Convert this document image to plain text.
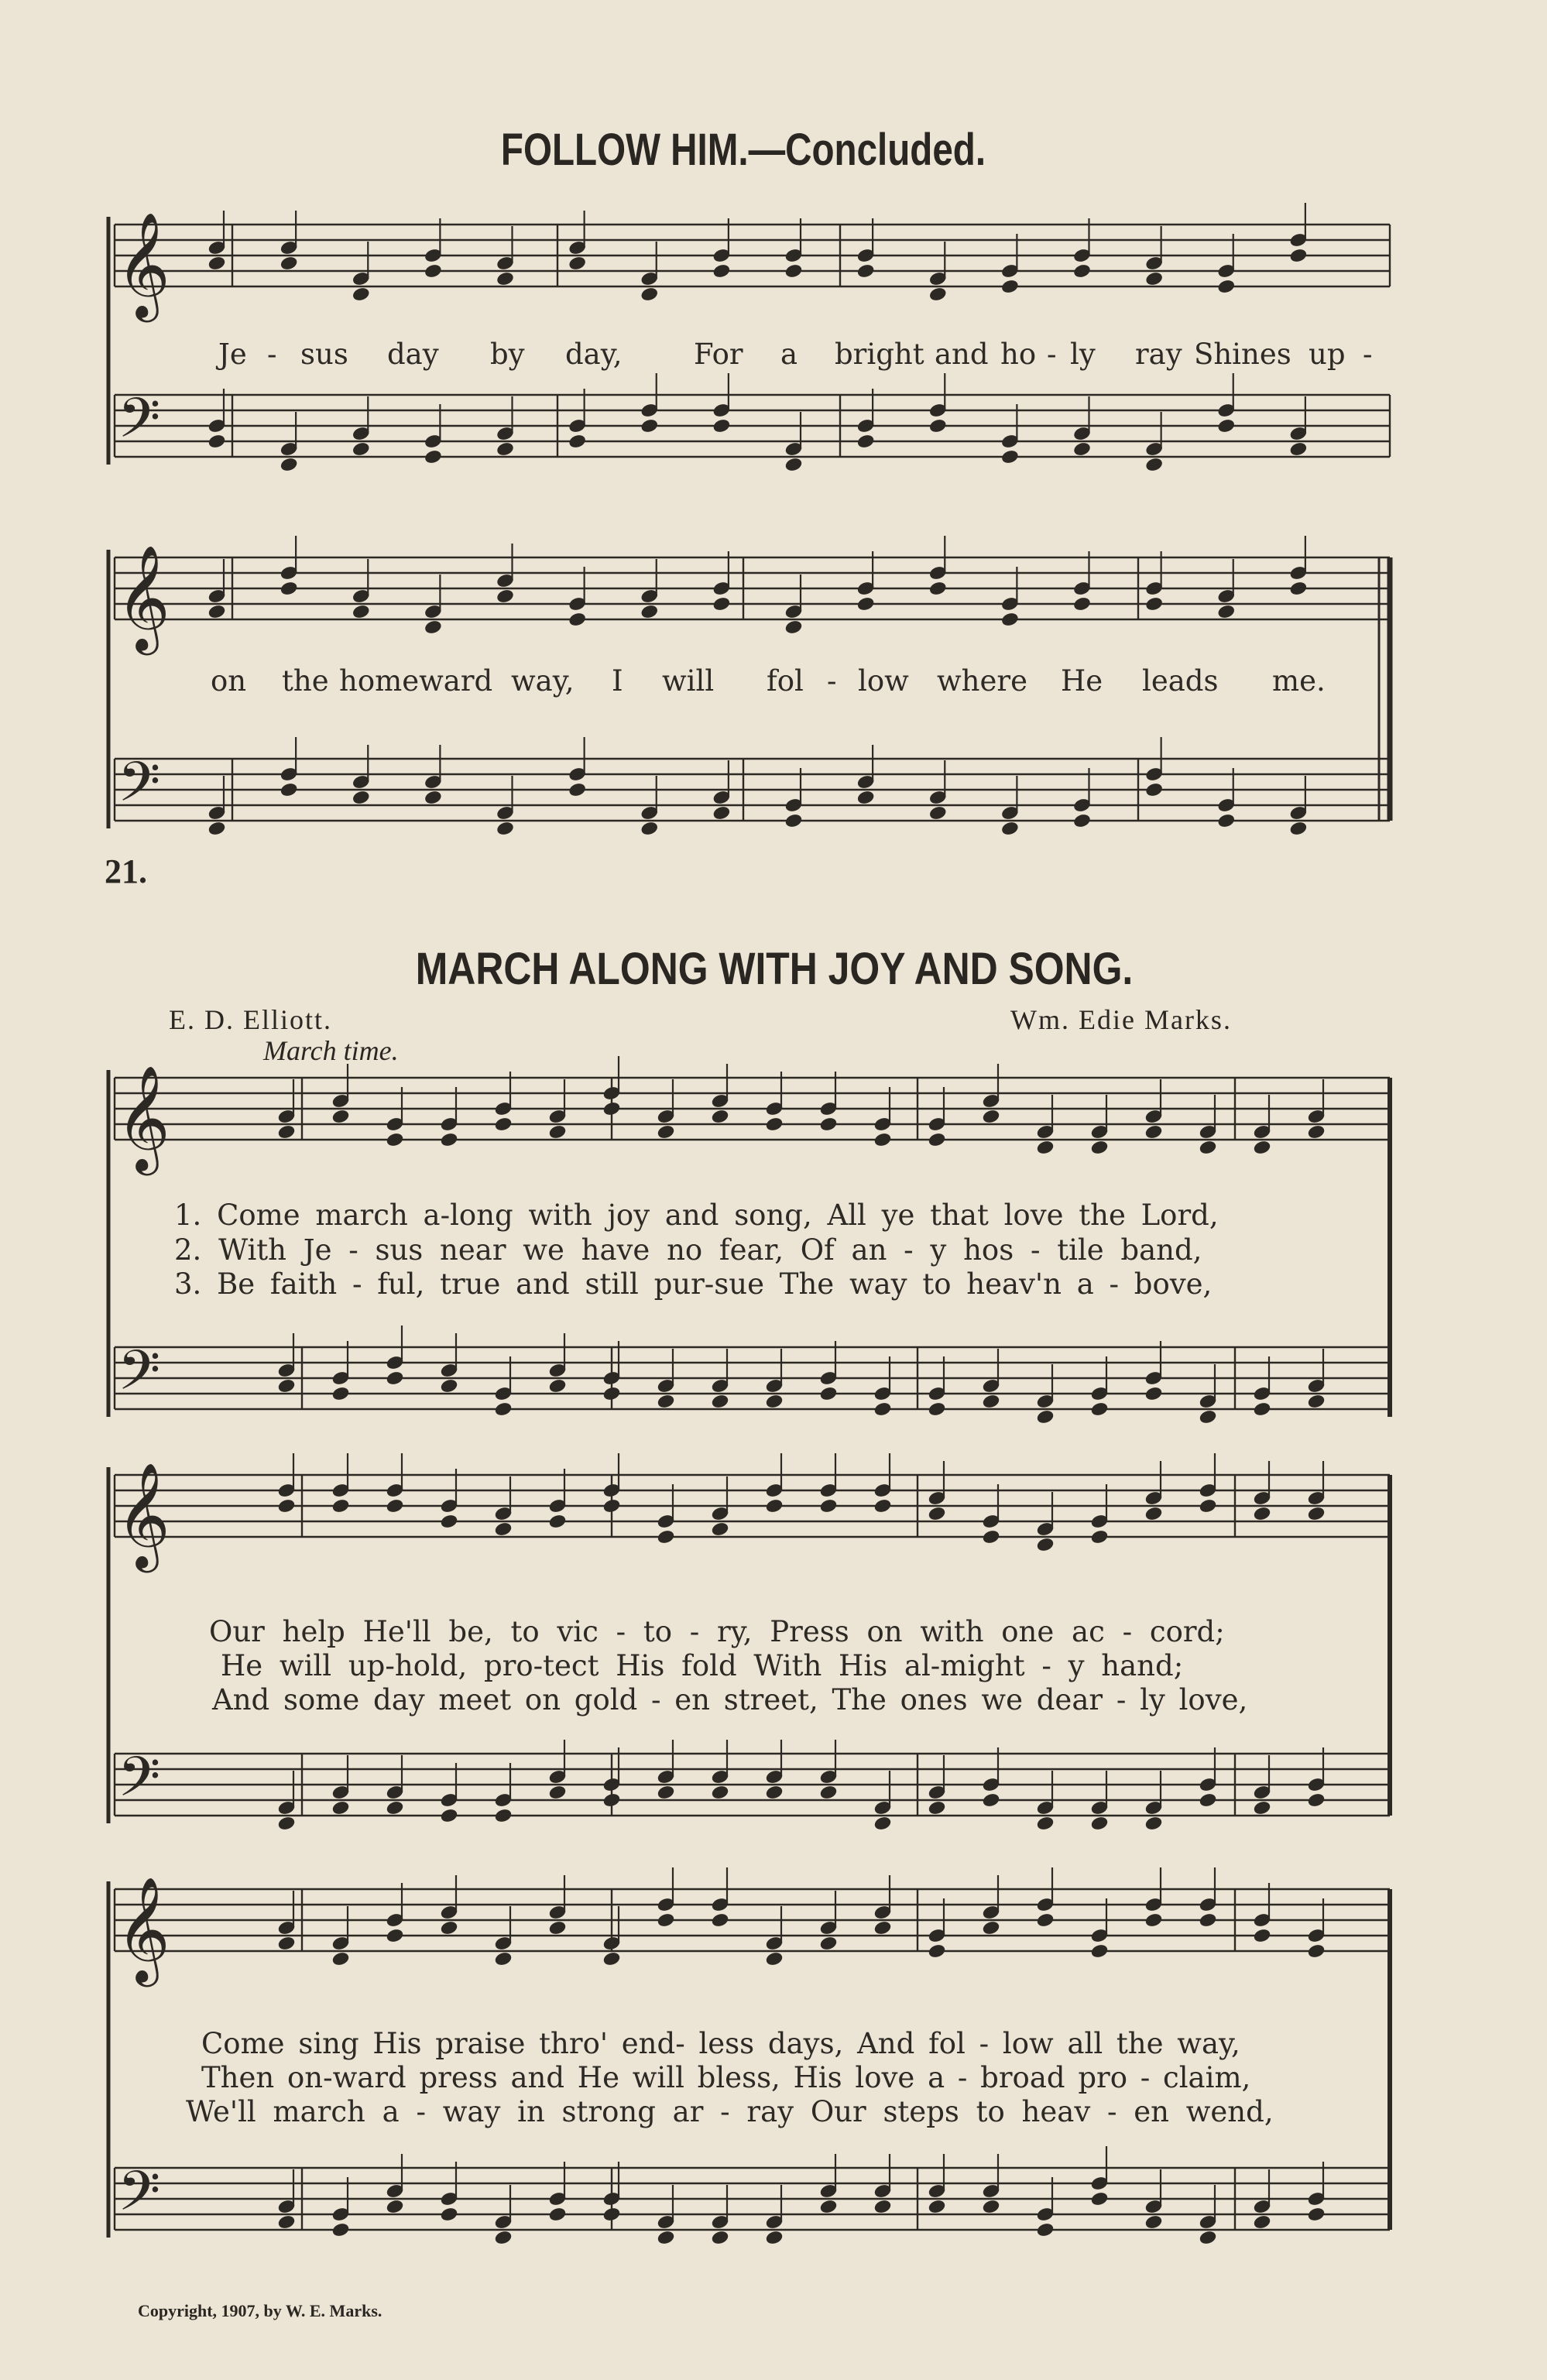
FOLLOW HIM.—Concluded.
21.
MARCH ALONG WITH JOY AND SONG.
E. D. Elliott.	Wm. Edie Marks.
March time.
𝄞
𝄢
𝄞
𝄢
𝄞
𝄢
𝄞
𝄢
𝄞
𝄢
Je - sus day by day,	For a bright and ho - ly ray Shines up -
on the homeward way, I will fol - low where He leads me.
1. Come march a-long with joy and song, All ye that love the Lord,
2. With Je - sus near we have no fear, Of an - y hos - tile band,
3. Be faith - ful, true and still pur-sue The way to heav'n a - bove,
Our help He'll be, to vic - to - ry, Press on with one ac - cord;
He will up-hold, pro-tect His fold With His al-might - y hand;
And some day meet on gold - en street, The ones we dear - ly love,
Come sing His praise thro' end- less days, And fol - low all the way,
Then on-ward press and He will bless, His love a - broad pro - claim,
We'll march a - way in strong ar - ray Our steps to heav - en wend,
Copyright, 1907, by W. E. Marks.
